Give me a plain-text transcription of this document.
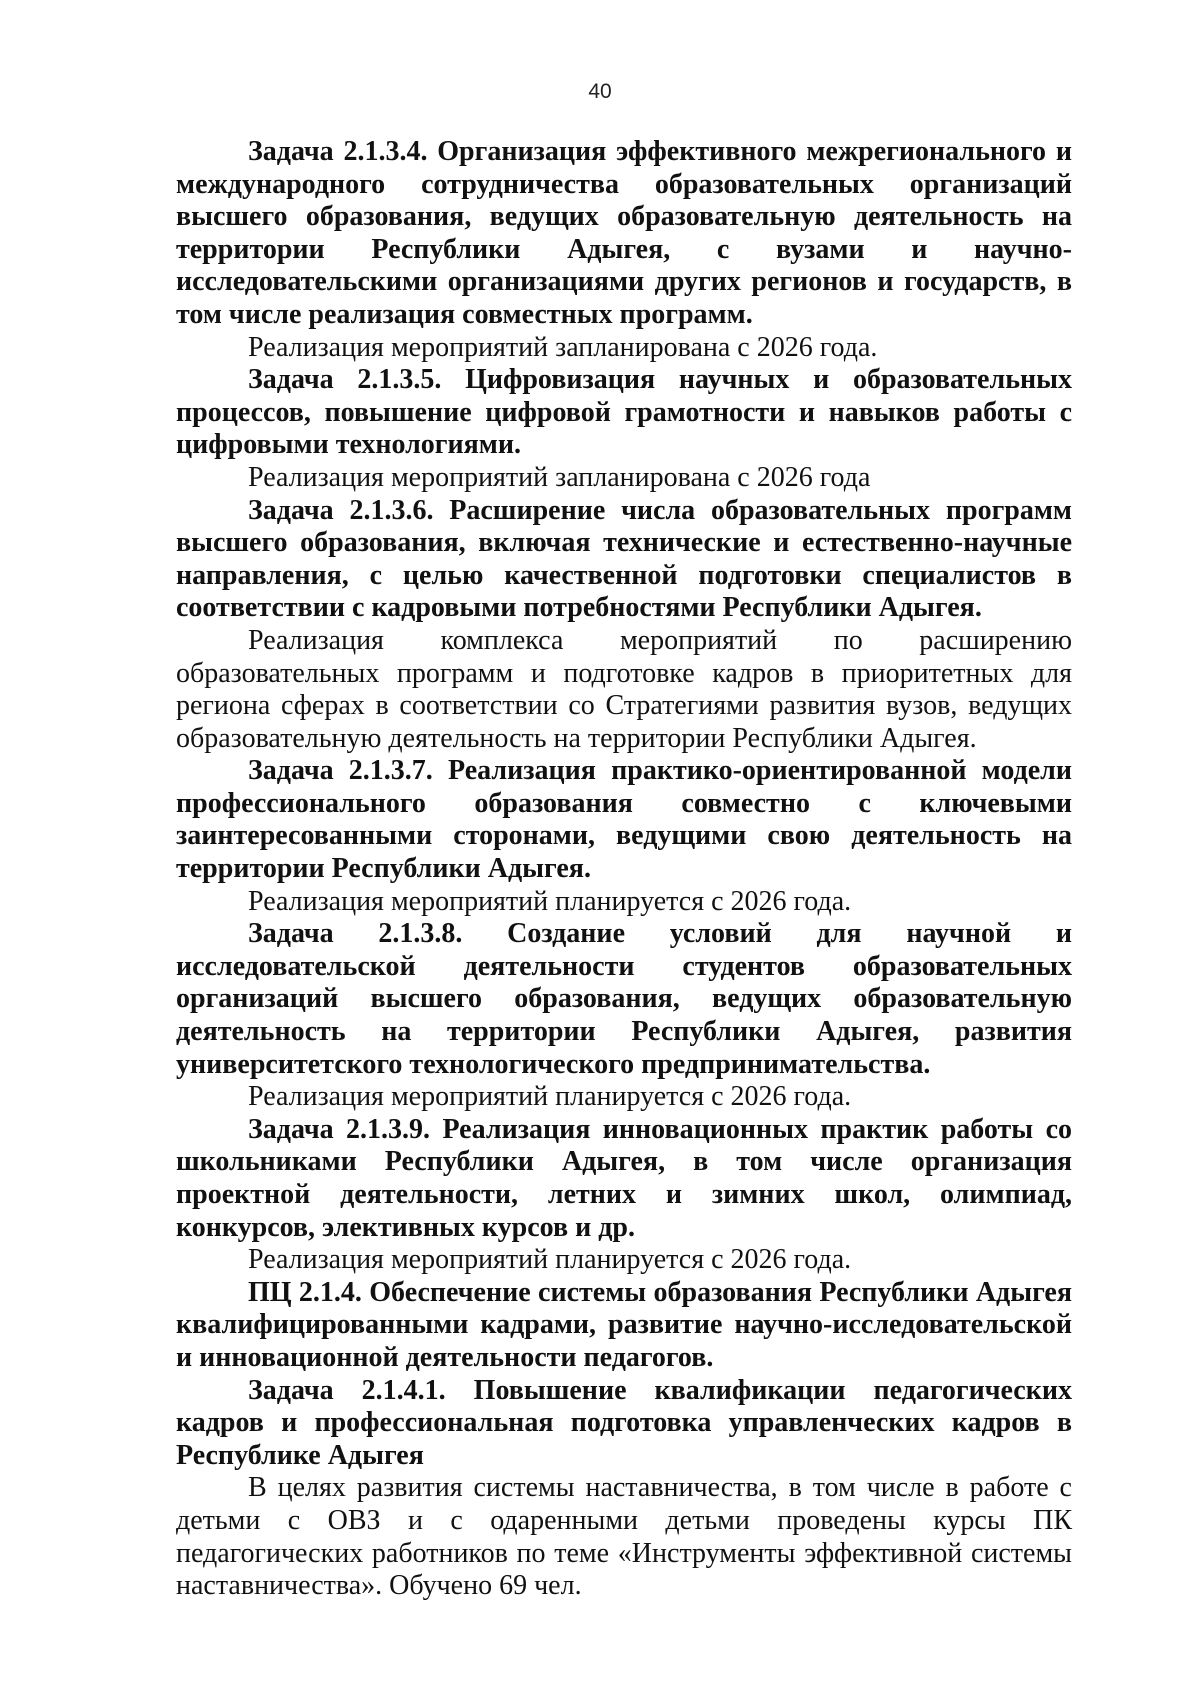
40

Задача 2.1.3.4. Организация эффективного межрегионального и международного сотрудничества образовательных организаций высшего образования, ведущих образовательную деятельность на территории Республики Адыгея, с вузами и научно-исследовательскими организациями других регионов и государств, в том числе реализация совместных программ.

Реализация мероприятий запланирована с 2026 года.

Задача 2.1.3.5. Цифровизация научных и образовательных процессов, повышение цифровой грамотности и навыков работы с цифровыми технологиями.

Реализация мероприятий запланирована с 2026 года

Задача 2.1.3.6. Расширение числа образовательных программ высшего образования, включая технические и естественно-научные направления, с целью качественной подготовки специалистов в соответствии с кадровыми потребностями Республики Адыгея.

Реализация комплекса мероприятий по расширению образовательных программ и подготовке кадров в приоритетных для региона сферах в соответствии со Стратегиями развития вузов, ведущих образовательную деятельность на территории Республики Адыгея.

Задача 2.1.3.7. Реализация практико-ориентированной модели профессионального образования совместно с ключевыми заинтересованными сторонами, ведущими свою деятельность на территории Республики Адыгея.

Реализация мероприятий планируется с 2026 года.

Задача 2.1.3.8. Создание условий для научной и исследовательской деятельности студентов образовательных организаций высшего образования, ведущих образовательную деятельность на территории Республики Адыгея, развития университетского технологического предпринимательства.

Реализация мероприятий планируется с 2026 года.

Задача 2.1.3.9. Реализация инновационных практик работы со школьниками Республики Адыгея, в том числе организация проектной деятельности, летних и зимних школ, олимпиад, конкурсов, элективных курсов и др.

Реализация мероприятий планируется с 2026 года.

ПЦ 2.1.4. Обеспечение системы образования Республики Адыгея квалифицированными кадрами, развитие научно-исследовательской и инновационной деятельности педагогов.

Задача 2.1.4.1. Повышение квалификации педагогических кадров и профессиональная подготовка управленческих кадров в Республике Адыгея

В целях развития системы наставничества, в том числе в работе с детьми с ОВЗ и с одаренными детьми проведены курсы ПК педагогических работников по теме «Инструменты эффективной системы наставничества». Обучено 69 чел.
